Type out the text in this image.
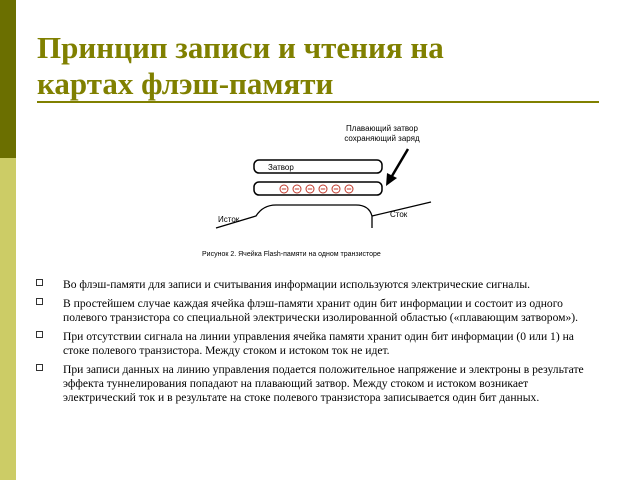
Принцип записи и чтения на
картах флэш-памяти
Плавающий затвор
сохраняющий заряд
Затвор
Исток
Сток
Рисунок 2. Ячейка Flash-памяти на одном транзисторе
Во флэш-памяти для записи и считывания информации используются электрические сигналы.
В простейшем случае каждая ячейка флэш-памяти хранит один бит информации и состоит из одного полевого транзистора со специальной электрически изолированной областью («плавающим затвором»).
При отсутствии сигнала на линии управления ячейка памяти хранит один бит информации (0 или 1) на стоке полевого транзистора. Между стоком и истоком ток не идет.
При записи данных на линию управления подается положительное напряжение и электроны в результате эффекта туннелирования попадают на плавающий затвор. Между стоком и истоком возникает электрический ток и в результате на стоке полевого транзистора записывается один бит данных.
